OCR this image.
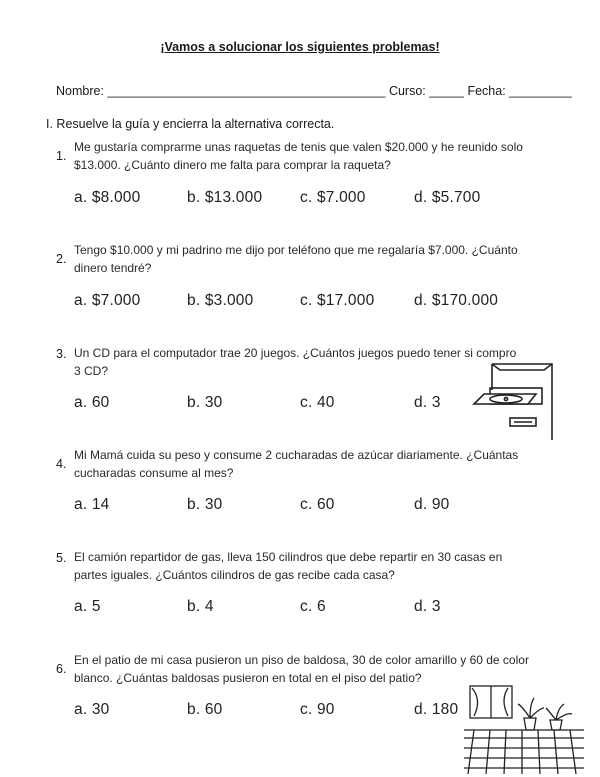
¡Vamos a solucionar los siguientes problemas!
Nombre: ________________________________________ Curso: _____ Fecha: _________
I. Resuelve la guía y encierra la alternativa correcta.
1.
Me gustaría comprarme unas raquetas de tenis que valen $20.000 y he reunido solo
$13.000. ¿Cuánto dinero me falta para comprar la raqueta?
a. $8.000	b. $13.000 c. $7.000	d. $5.700
2.
Tengo $10.000 y mi padrino me dijo por teléfono que me regalaría $7.000. ¿Cuánto
dinero tendré?
a. $7.000	b. $3.000	c. $17.000	d. $170.000
3. Un CD para el computador trae 20 juegos. ¿Cuántos juegos puedo tener si compro
3 CD?
a. 60	b. 30	c. 40	d. 3
4.
Mi Mamá cuida su peso y consume 2 cucharadas de azúcar diariamente. ¿Cuántas
cucharadas consume al mes?
a. 14	b. 30	c. 60	d. 90
5. El camión repartidor de gas, lleva 150 cilindros que debe repartir en 30 casas en
partes iguales. ¿Cuántos cilindros de gas recibe cada casa?
a. 5	b. 4	c. 6	d. 3
6.
En el patio de mi casa pusieron un piso de baldosa, 30 de color amarillo y 60 de color
blanco. ¿Cuántas baldosas pusieron en total en el piso del patio?
a. 30	b. 60	c. 90	d. 180
